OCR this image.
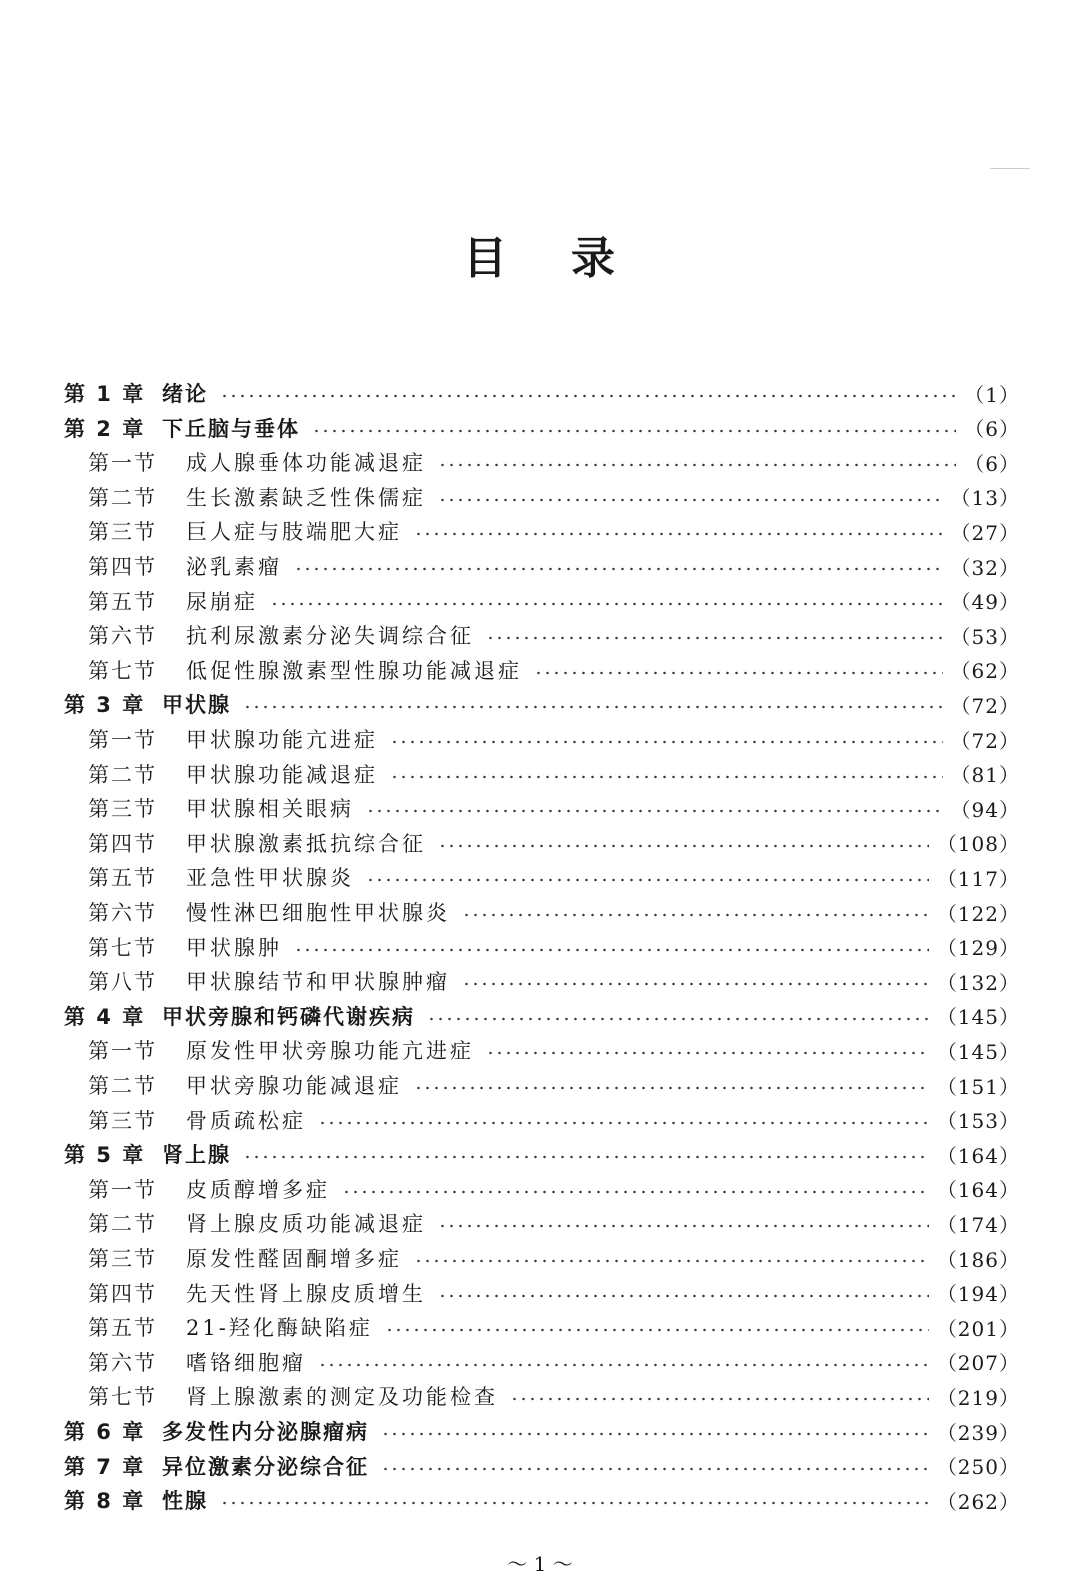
目 录
第 1 章 绪论	（1）
第 2 章 下丘脑与垂体	（6）
第一节	成人腺垂体功能减退症	（6）
第二节	生长激素缺乏性侏儒症	（13）
第三节	巨人症与肢端肥大症	（27）
第四节	泌乳素瘤	（32）
第五节	尿崩症	（49）
第六节	抗利尿激素分泌失调综合征	（53）
第七节	低促性腺激素型性腺功能减退症	（62）
第 3 章 甲状腺	（72）
第一节	甲状腺功能亢进症	（72）
第二节	甲状腺功能减退症	（81）
第三节	甲状腺相关眼病	（94）
第四节	甲状腺激素抵抗综合征	（108）
第五节	亚急性甲状腺炎	（117）
第六节	慢性淋巴细胞性甲状腺炎	（122）
第七节	甲状腺肿	（129）
第八节	甲状腺结节和甲状腺肿瘤	（132）
第 4 章 甲状旁腺和钙磷代谢疾病	（145）
第一节	原发性甲状旁腺功能亢进症	（145）
第二节	甲状旁腺功能减退症	（151）
第三节	骨质疏松症	（153）
第 5 章 肾上腺	（164）
第一节	皮质醇增多症	（164）
第二节	肾上腺皮质功能减退症	（174）
第三节	原发性醛固酮增多症	（186）
第四节	先天性肾上腺皮质增生	（194）
第五节	21-羟化酶缺陷症	（201）
第六节	嗜铬细胞瘤	（207）
第七节	肾上腺激素的测定及功能检查	（219）
第 6 章 多发性内分泌腺瘤病	（239）
第 7 章 异位激素分泌综合征	（250）
第 8 章 性腺	（262）
～ 1 ～
